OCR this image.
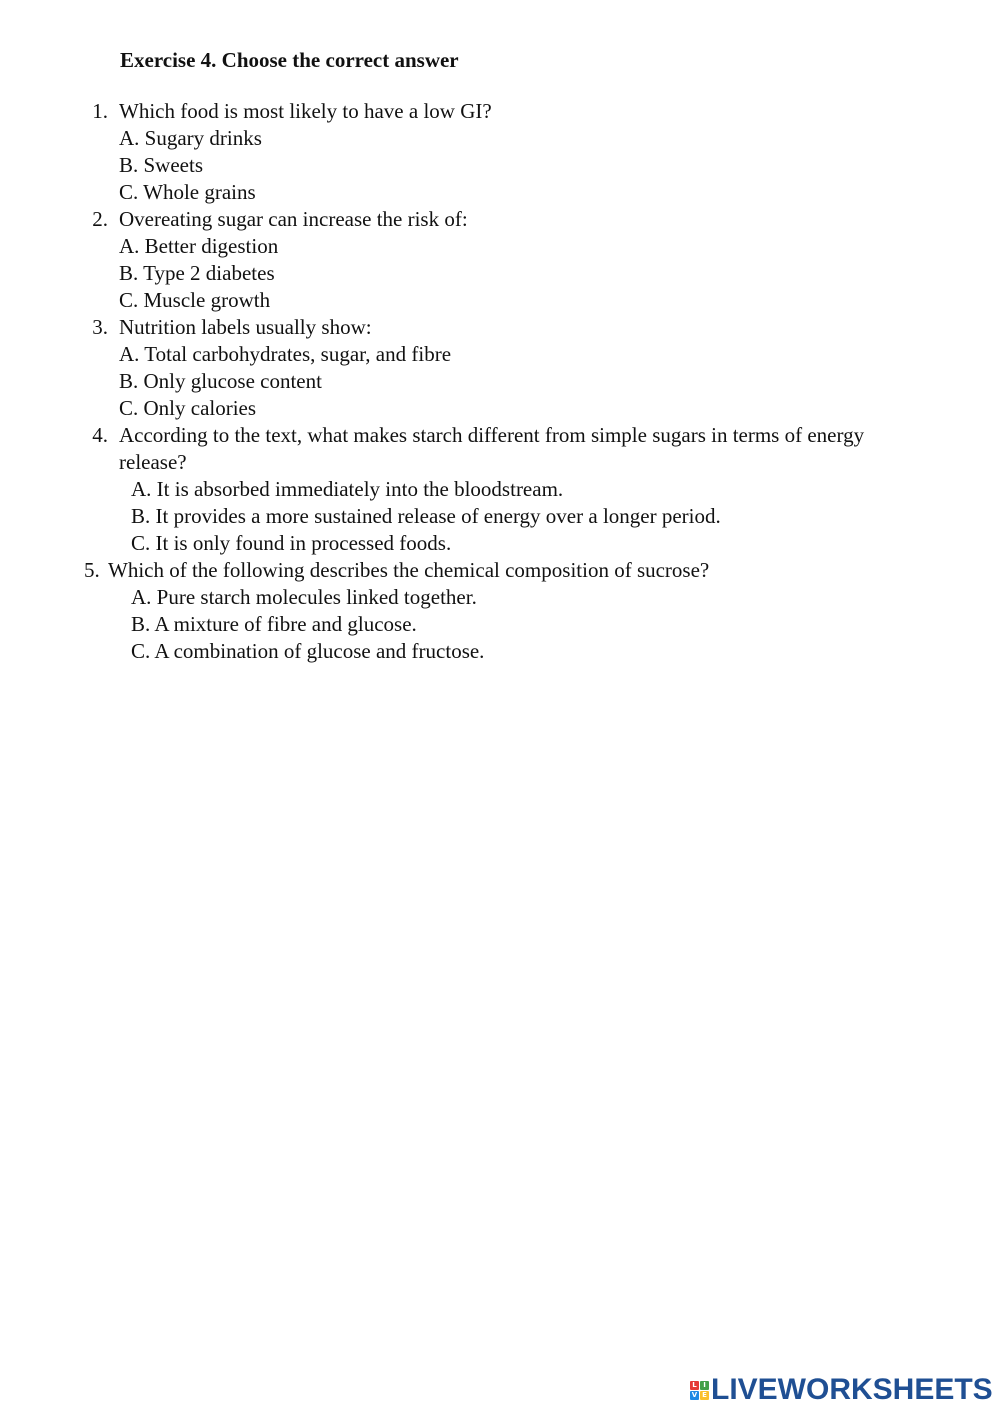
Exercise 4. Choose the correct answer
1. Which food is most likely to have a low GI?
A. Sugary drinks
B. Sweets
C. Whole grains
2. Overeating sugar can increase the risk of:
A. Better digestion
B. Type 2 diabetes
C. Muscle growth
3. Nutrition labels usually show:
A. Total carbohydrates, sugar, and fibre
B. Only glucose content
C. Only calories
4. According to the text, what makes starch different from simple sugars in terms of energy
release?
A. It is absorbed immediately into the bloodstream.
B. It provides a more sustained release of energy over a longer period.
C. It is only found in processed foods.
5. Which of the following describes the chemical composition of sucrose?
A. Pure starch molecules linked together.
B. A mixture of fibre and glucose.
C. A combination of glucose and fructose.
L I
V E LIVEWORKSHEETS
